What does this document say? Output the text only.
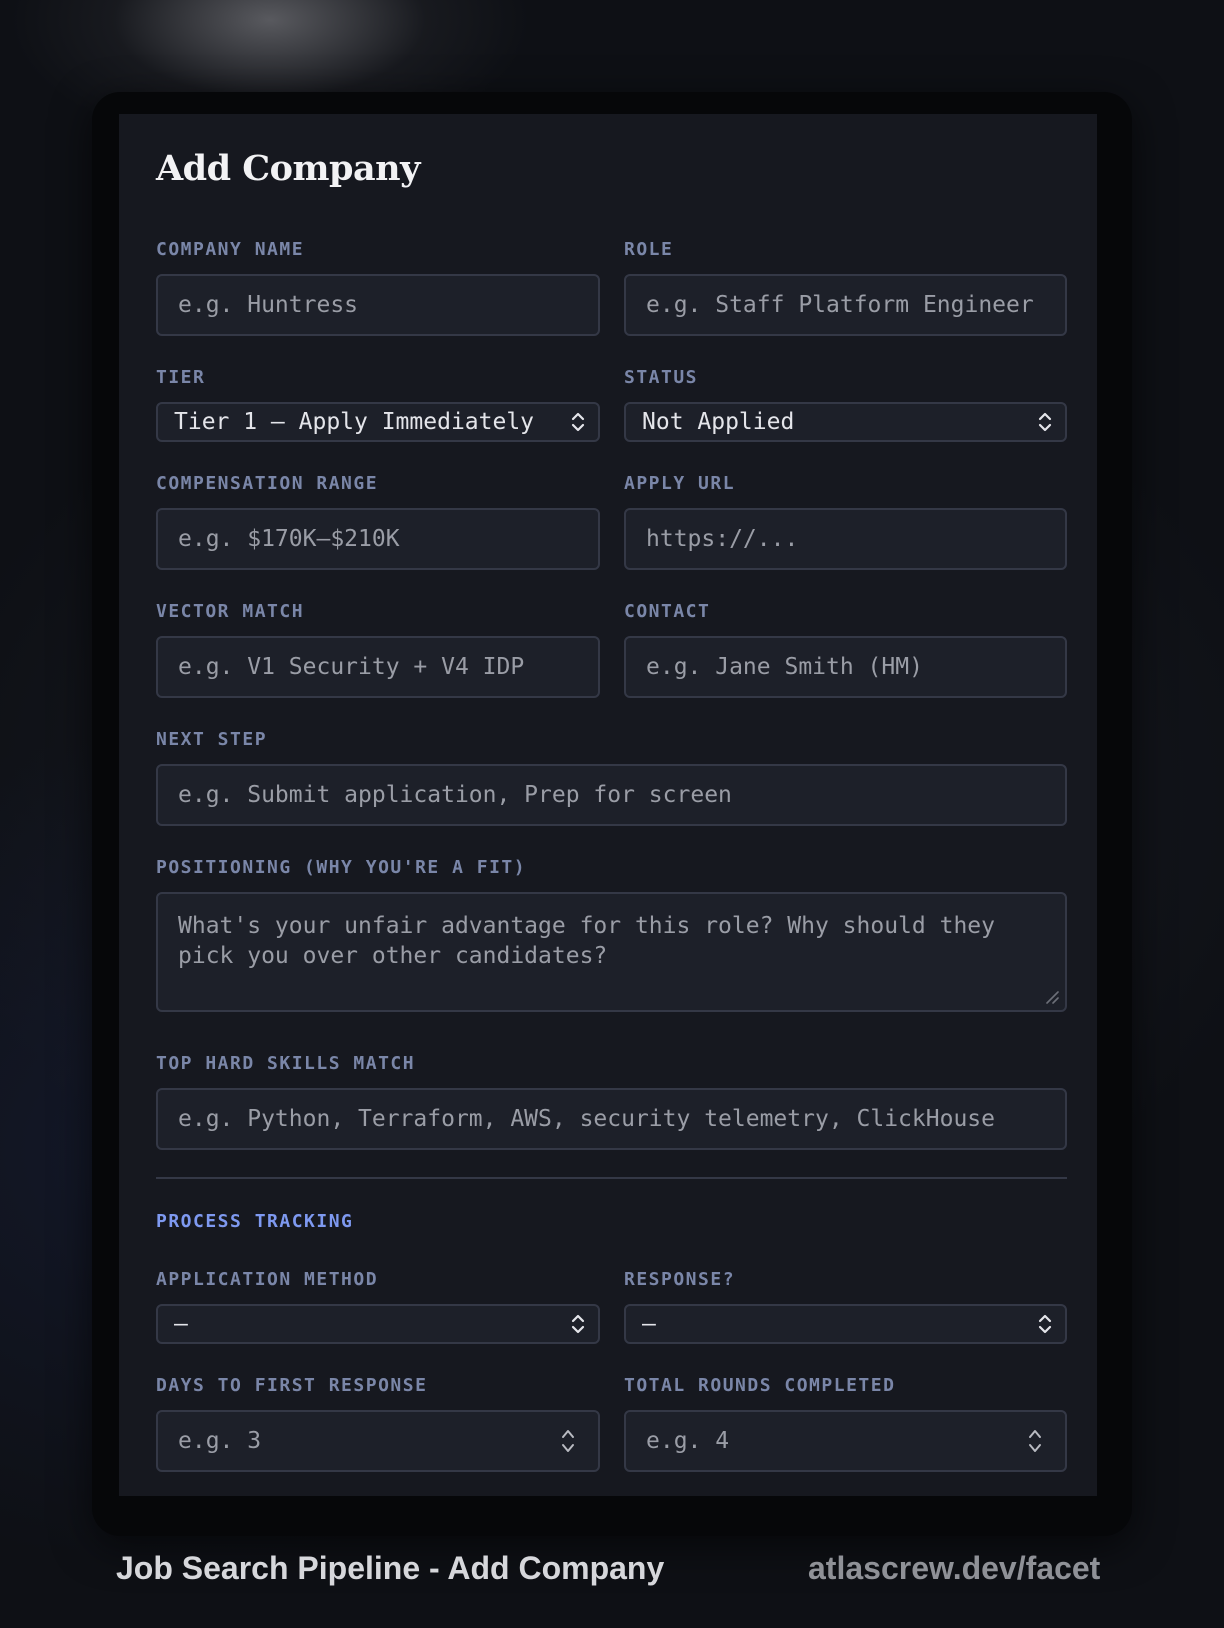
Add Company
COMPANY NAME
e.g. Huntress
ROLE
e.g. Staff Platform Engineer
TIER
Tier 1 — Apply Immediately
STATUS
Not Applied
COMPENSATION RANGE
e.g. $170K–$210K
APPLY URL
https://...
VECTOR MATCH
e.g. V1 Security + V4 IDP
CONTACT
e.g. Jane Smith (HM)
NEXT STEP
e.g. Submit application, Prep for screen
POSITIONING (WHY YOU'RE A FIT)
What's your unfair advantage for this role? Why should they pick you over other candidates?
TOP HARD SKILLS MATCH
e.g. Python, Terraform, AWS, security telemetry, ClickHouse
PROCESS TRACKING
APPLICATION METHOD
—
RESPONSE?
—
DAYS TO FIRST RESPONSE
e.g. 3
TOTAL ROUNDS COMPLETED
e.g. 4
Job Search Pipeline - Add Company	atlascrew.dev/facet
